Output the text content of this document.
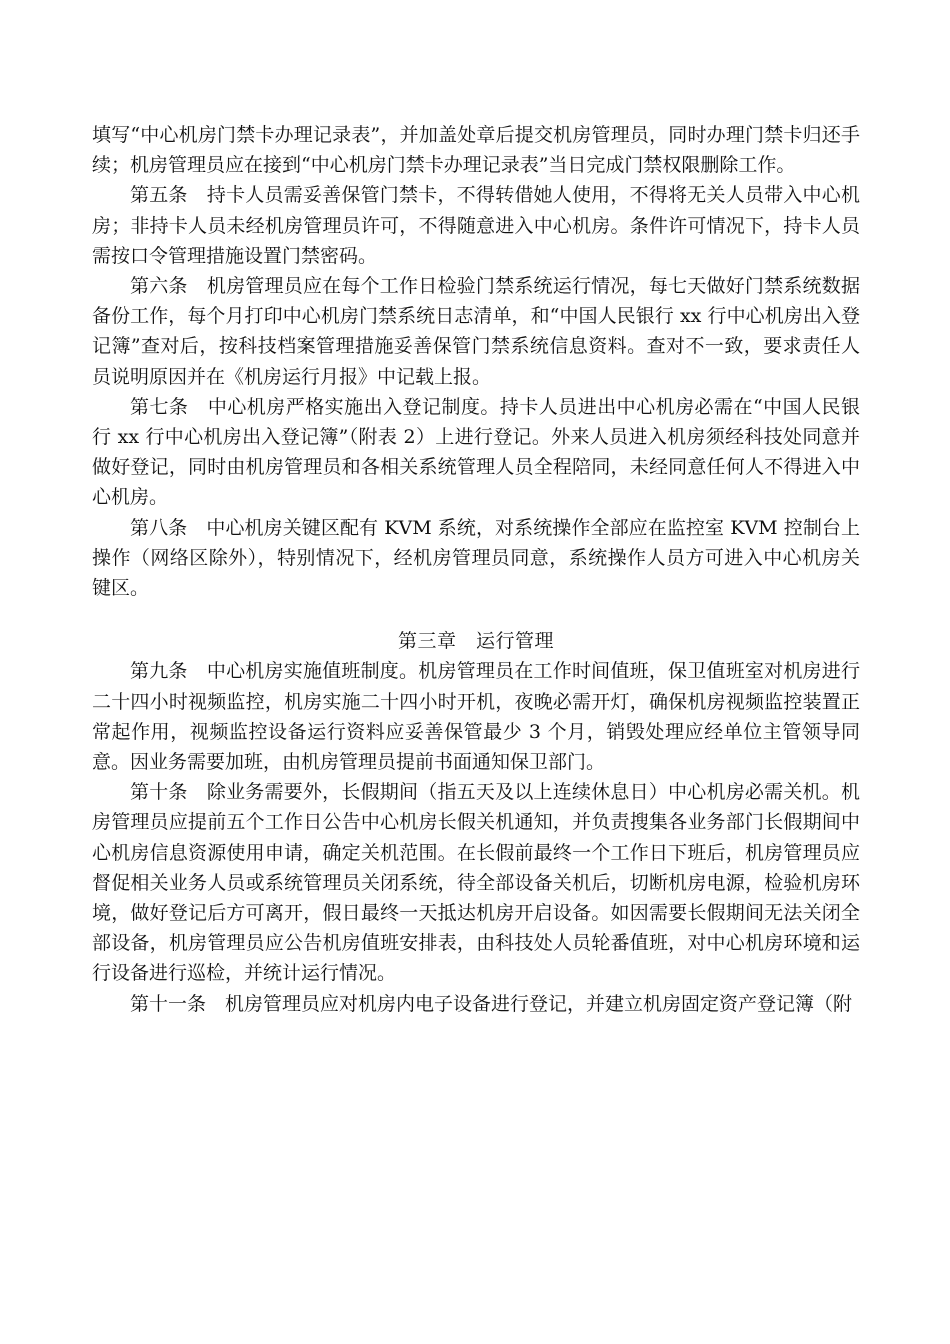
填写“中心机房门禁卡办理记录表”，并加盖处章后提交机房管理员，同时办理门禁卡归还手续；机房管理员应在接到“中心机房门禁卡办理记录表”当日完成门禁权限删除工作。

第五条　持卡人员需妥善保管门禁卡，不得转借她人使用，不得将无关人员带入中心机房；非持卡人员未经机房管理员许可，不得随意进入中心机房。条件许可情况下，持卡人员需按口令管理措施设置门禁密码。

第六条　机房管理员应在每个工作日检验门禁系统运行情况，每七天做好门禁系统数据备份工作，每个月打印中心机房门禁系统日志清单，和“中国人民银行 xx 行中心机房出入登记簿”查对后，按科技档案管理措施妥善保管门禁系统信息资料。查对不一致，要求责任人员说明原因并在《机房运行月报》中记载上报。

第七条　中心机房严格实施出入登记制度。持卡人员进出中心机房必需在“中国人民银行 xx 行中心机房出入登记簿”（附表 2）上进行登记。外来人员进入机房须经科技处同意并做好登记，同时由机房管理员和各相关系统管理人员全程陪同，未经同意任何人不得进入中心机房。

第八条　中心机房关键区配有 KVM 系统，对系统操作全部应在监控室 KVM 控制台上操作（网络区除外），特别情况下，经机房管理员同意，系统操作人员方可进入中心机房关键区。

第三章　运行管理

第九条　中心机房实施值班制度。机房管理员在工作时间值班，保卫值班室对机房进行二十四小时视频监控，机房实施二十四小时开机，夜晚必需开灯，确保机房视频监控装置正常起作用，视频监控设备运行资料应妥善保管最少 3 个月，销毁处理应经单位主管领导同意。因业务需要加班，由机房管理员提前书面通知保卫部门。

第十条　除业务需要外，长假期间（指五天及以上连续休息日）中心机房必需关机。机房管理员应提前五个工作日公告中心机房长假关机通知，并负责搜集各业务部门长假期间中心机房信息资源使用申请，确定关机范围。在长假前最终一个工作日下班后，机房管理员应督促相关业务人员或系统管理员关闭系统，待全部设备关机后，切断机房电源，检验机房环境，做好登记后方可离开，假日最终一天抵达机房开启设备。如因需要长假期间无法关闭全部设备，机房管理员应公告机房值班安排表，由科技处人员轮番值班，对中心机房环境和运行设备进行巡检，并统计运行情况。

第十一条　机房管理员应对机房内电子设备进行登记，并建立机房固定资产登记簿（附
